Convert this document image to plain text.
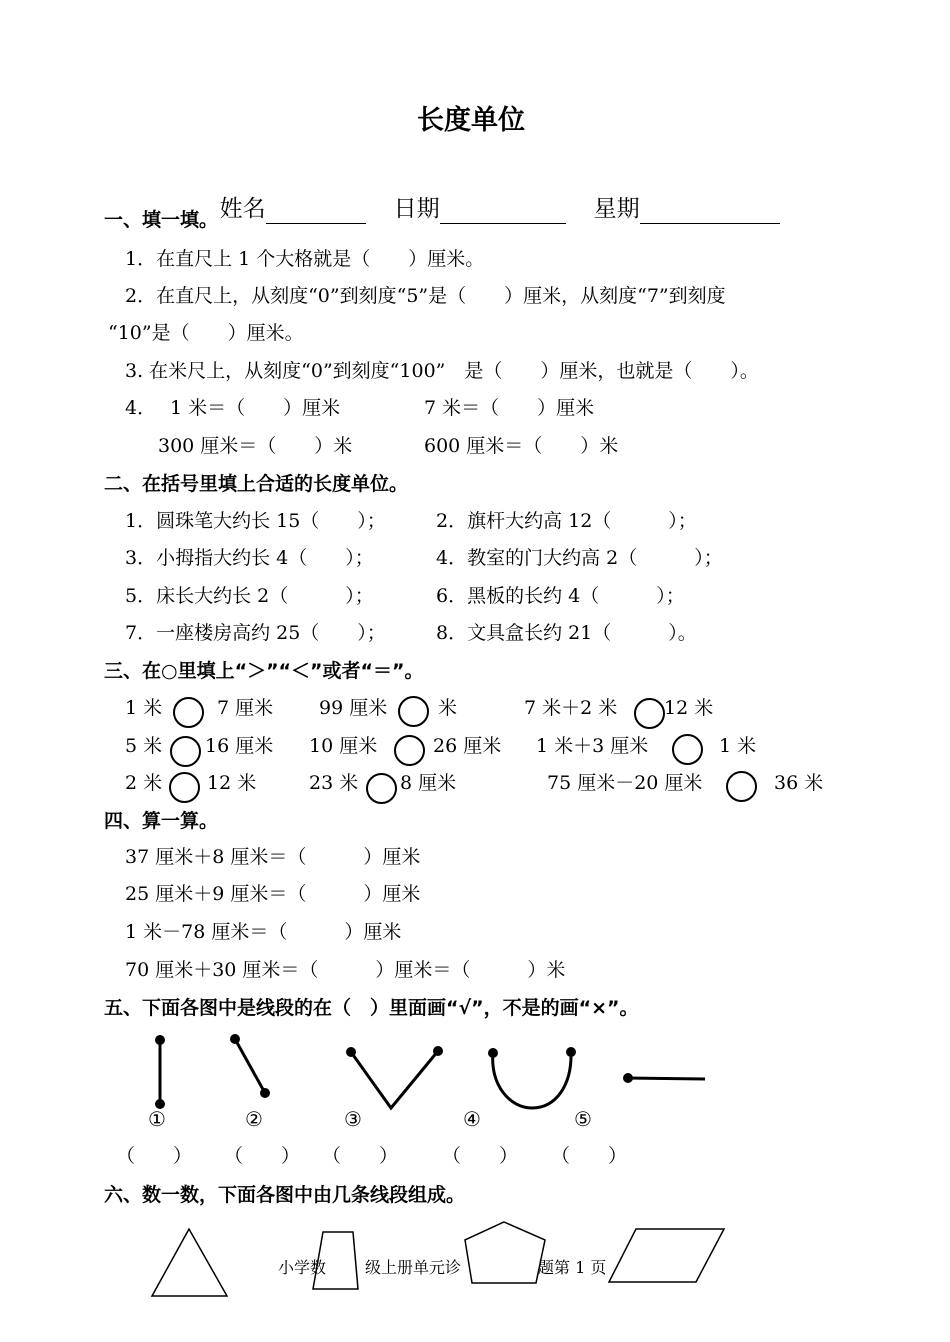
长度单位

姓名	日期	星期

一、填一填。
1．在直尺上 1 个大格就是（　　）厘米。
2．在直尺上，从刻度“0”到刻度“5”是（　　）厘米，从刻度“7”到刻度
“10”是（　　）厘米。
3. 在米尺上，从刻度“0”到刻度“100”　是（　　）厘米，也就是（　　）。
4． 1 米＝（　　）厘米	7 米＝（　　）厘米
300 厘米＝（　　）米	600 厘米＝（　　）米
二、在括号里填上合适的长度单位。
1．圆珠笔大约长 15（　　）；	2．旗杆大约高 12（　　　）；
3．小拇指大约长 4（　　）；	4．教室的门大约高 2（　　　）；
5．床长大约长 2（　　　）；	6．黑板的长约 4（　　　）；
7．一座楼房高约 25（　　）；	8．文具盒长约 21（　　　）。
三、在○里填上“＞”“＜”或者“＝”。
1 米	7 厘米 99 厘米	米	7 米＋2 米 12 米
5 米 16 厘米 10 厘米	26 厘米 1 米＋3 厘米	1 米
2 米 12 米	23 米 8 厘米	75 厘米－20 厘米	36 米
四、算一算。
37 厘米＋8 厘米＝（　　　）厘米
25 厘米＋9 厘米＝（　　　）厘米
1 米－78 厘米＝（　　　）厘米
70 厘米＋30 厘米＝（　　　）厘米＝（　　　）米
五、下面各图中是线段的在（　）里面画“√”，不是的画“×”。
①	②	③	④	⑤
（　　） （　　） （　　） （　　） （　　）
六、数一数，下面各图中由几条线段组成。
小学数 级上册单元诊	题第 1 页
